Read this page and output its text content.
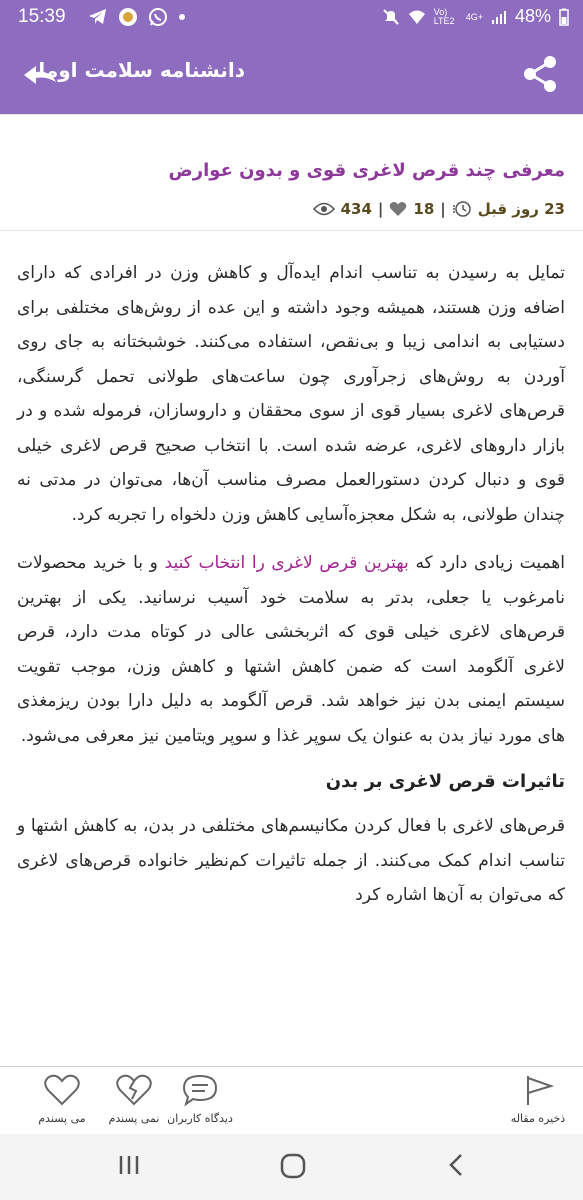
15:39	Vo) LTE2	4G+ 48%
دانشنامه سلامت اوما
معرفی چند قرص لاغری قوی و بدون عوارض
23 روز قبل
|
18
|
434

تمایل به رسیدن به تناسب اندام ایده‌آل و کاهش وزن در افرادی که دارای اضافه وزن هستند، همیشه وجود داشته و این عده از روش‌های مختلفی برای دستیابی به اندامی زیبا و بی‌نقص، استفاده می‌کنند. خوشبختانه به جای روی آوردن به روش‌های زجرآوری چون ساعت‌های طولانی تحمل گرسنگی، قرص‌های لاغری بسیار قوی از سوی محققان و داروسازان، فرموله شده و در بازار داروهای لاغری، عرضه شده است. با انتخاب صحیح قرص لاغری خیلی قوی و دنبال کردن دستورالعمل مصرف مناسب آن‌ها، می‌توان در مدتی نه چندان طولانی، به شکل معجزه‌آسایی کاهش وزن دلخواه را تجربه کرد.

اهمیت زیادی دارد که بهترین قرص لاغری را انتخاب کنید و با خرید محصولات نامرغوب یا جعلی، بدتر به سلامت خود آسیب نرسانید. یکی از بهترین قرص‌های لاغری خیلی قوی که اثربخشی عالی در کوتاه مدت دارد، قرص لاغری آلگومد است که ضمن کاهش اشتها و کاهش وزن، موجب تقویت سیستم ایمنی بدن نیز خواهد شد. قرص آلگومد به دلیل دارا بودن ریزمغذی های مورد نیاز بدن به عنوان یک سوپر غذا و سوپر ویتامین نیز معرفی می‌شود.

تاثیرات قرص لاغری بر بدن

قرص‌های لاغری با فعال کردن مکانیسم‌های مختلفی در بدن، به کاهش اشتها و تناسب اندام کمک می‌کنند. از جمله تاثیرات کم‌نظیر خانواده قرص‌های لاغری که می‌توان به آن‌ها اشاره کرد

می پسندم	نمی پسندم دیدگاه کاربران	ذخیره مقاله
